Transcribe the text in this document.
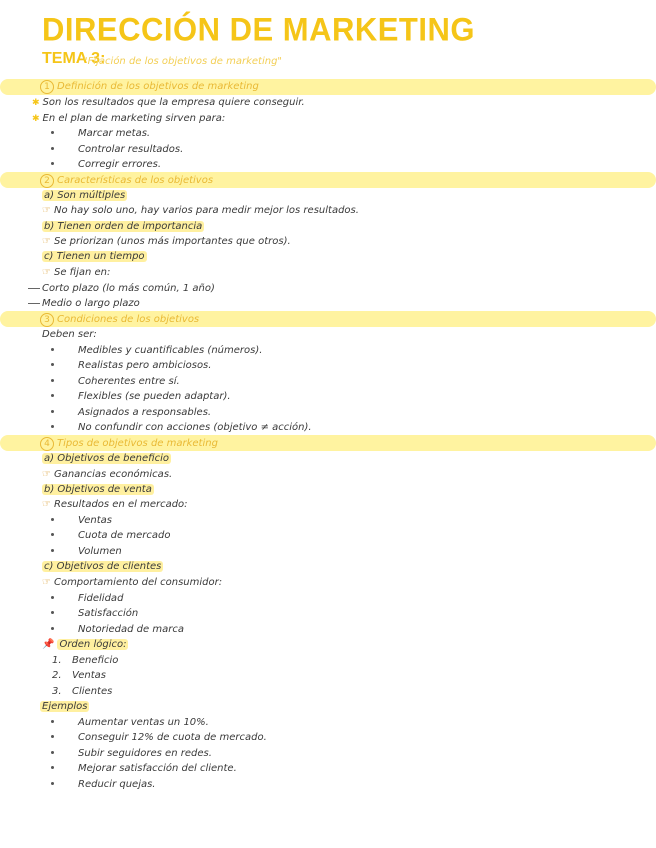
DIRECCIÓN DE MARKETING
TEMA 3:
"Fijación de los objetivos de marketing"
1 Definición de los objetivos de marketing
✱ Son los resultados que la empresa quiere conseguir.
✱ En el plan de marketing sirven para:
Marcar metas.
Controlar resultados.
Corregir errores.
2 Características de los objetivos
a) Son múltiples
☞ No hay solo uno, hay varios para medir mejor los resultados.
b) Tienen orden de importancia
☞ Se priorizan (unos más importantes que otros).
c) Tienen un tiempo
☞ Se fijan en:
Corto plazo (lo más común, 1 año)
Medio o largo plazo
3 Condiciones de los objetivos
Deben ser:
Medibles y cuantificables (números).
Realistas pero ambiciosos.
Coherentes entre sí.
Flexibles (se pueden adaptar).
Asignados a responsables.
No confundir con acciones (objetivo ≠ acción).
4 Tipos de objetivos de marketing
a) Objetivos de beneficio
☞ Ganancias económicas.
b) Objetivos de venta
☞ Resultados en el mercado:
Ventas
Cuota de mercado
Volumen
c) Objetivos de clientes
☞ Comportamiento del consumidor:
Fidelidad
Satisfacción
Notoriedad de marca
📌 Orden lógico:
1. Beneficio
2. Ventas
3. Clientes
Ejemplos
Aumentar ventas un 10%.
Conseguir 12% de cuota de mercado.
Subir seguidores en redes.
Mejorar satisfacción del cliente.
Reducir quejas.
